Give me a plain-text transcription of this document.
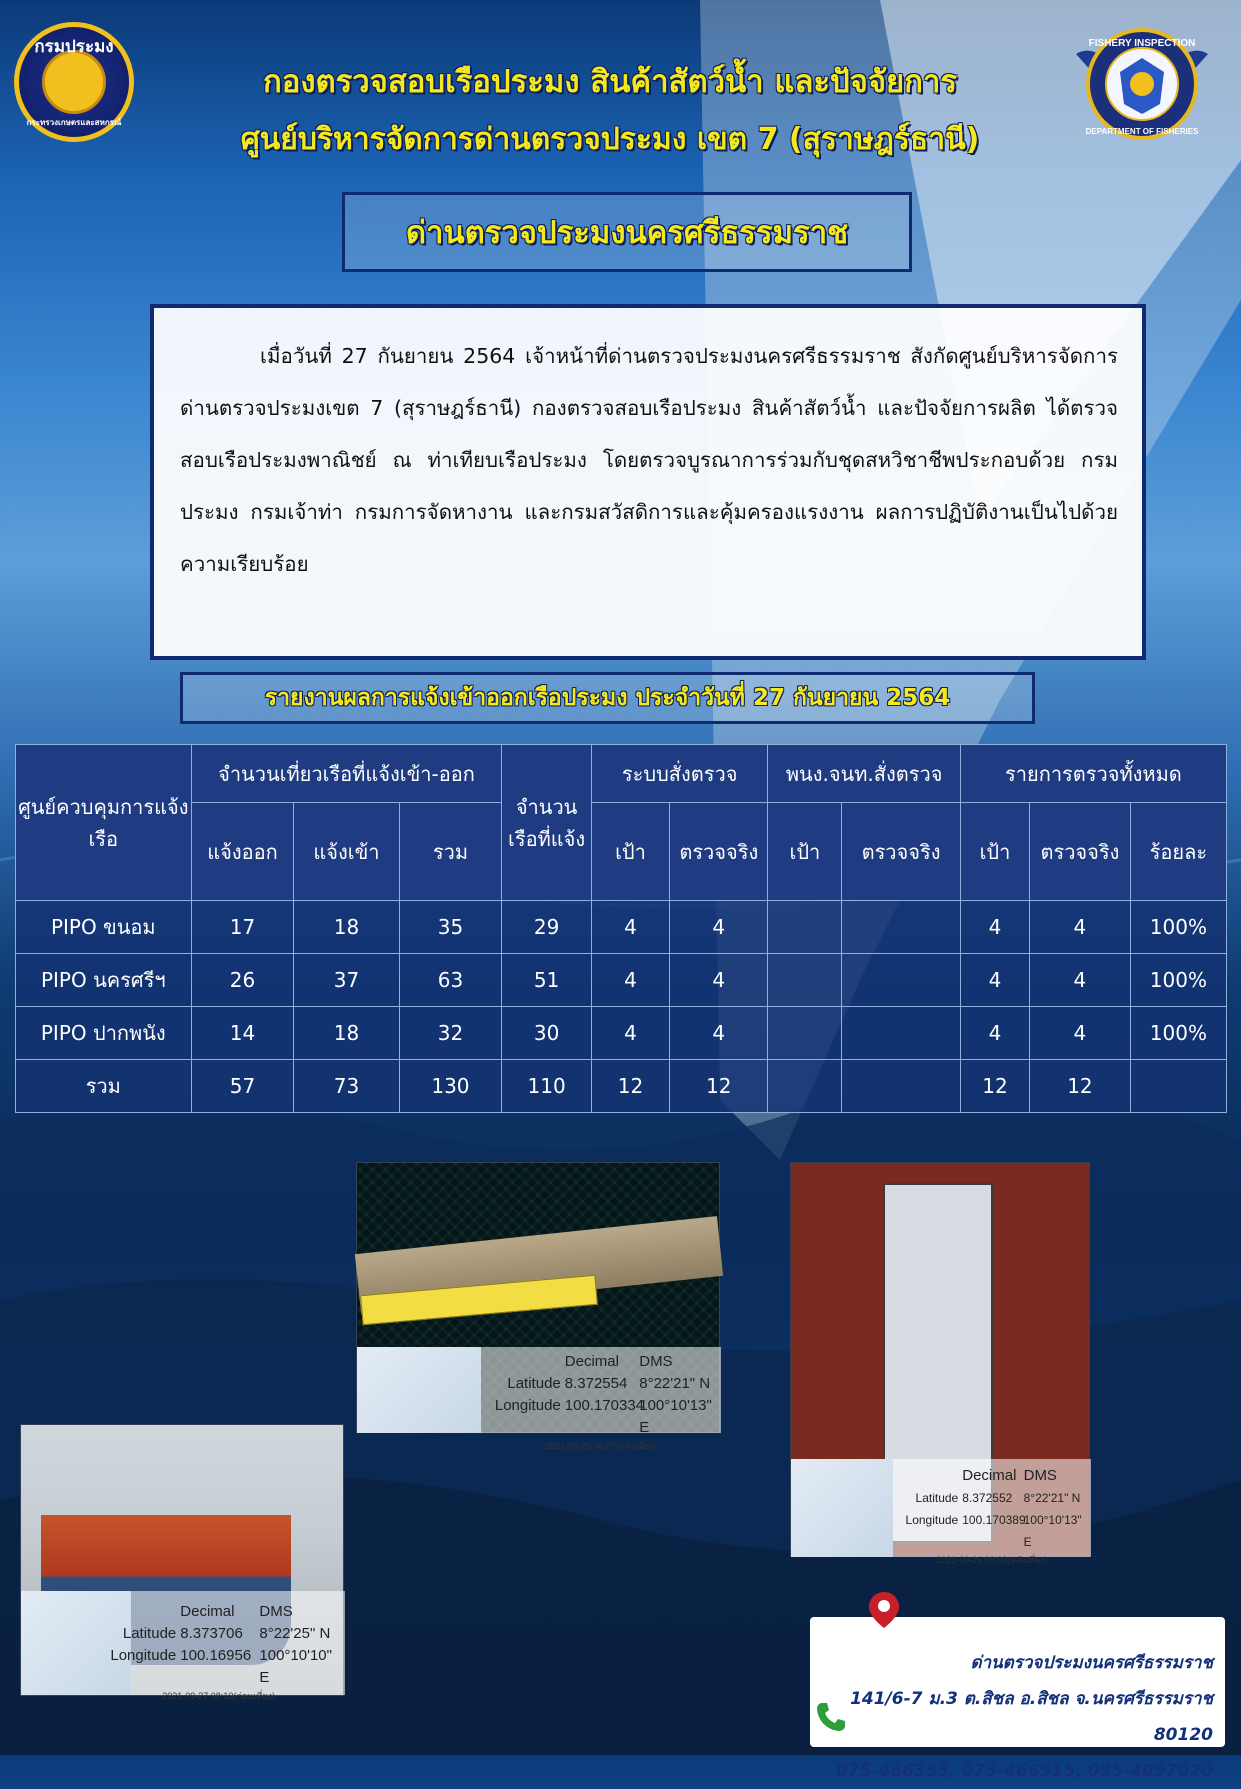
กรมประมง
กระทรวงเกษตรและสหกรณ์
FISHERY INSPECTION
DEPARTMENT OF FISHERIES
กองตรวจสอบเรือประมง สินค้าสัตว์น้ำ และปัจจัยการ
ศูนย์บริหารจัดการด่านตรวจประมง เขต 7 (สุราษฎร์ธานี)
ด่านตรวจประมงนครศรีธรรมราช

เมื่อวันที่ 27 กันยายน 2564 เจ้าหน้าที่ด่านตรวจประมงนครศรีธรรมราช สังกัดศูนย์บริหารจัดการด่านตรวจประมงเขต 7 (สุราษฎร์ธานี) กองตรวจสอบเรือประมง สินค้าสัตว์น้ำ และปัจจัยการผลิต ได้ตรวจสอบเรือประมงพาณิชย์ ณ ท่าเทียบเรือประมง โดยตรวจบูรณาการร่วมกับชุดสหวิชาชีพประกอบด้วย กรมประมง กรมเจ้าท่า กรมการจัดหางาน และกรมสวัสดิการและคุ้มครองแรงงาน ผลการปฏิบัติงานเป็นไปด้วยความเรียบร้อย

รายงานผลการแจ้งเข้าออกเรือประมง ประจำวันที่ 27 กันยายน 2564
ศูนย์ควบคุมการแจ้งเรือ	จำนวนเที่ยวเรือที่แจ้งเข้า-ออก			จำนวนเรือที่แจ้ง	ระบบสั่งตรวจ		พนง.จนท.สั่งตรวจ		รายการตรวจทั้งหมด		
	แจ้งออก	แจ้งเข้า	รวม		เป้า	ตรวจจริง	เป้า	ตรวจจริง	เป้า	ตรวจจริง	ร้อยละ
PIPO ขนอม	17	18	35	29	4	4			4	4	100%
PIPO นครศรีฯ	26	37	63	51	4	4			4	4	100%
PIPO ปากพนัง	14	18	32	30	4	4			4	4	100%
รวม	57	73	130	110	12	12			12	12	
Decimal	DMS
Latitude 8.372554 8°22'21" N
Longitude 100.170334
100°10'13" E
2021-09-26 06:07(หลังเที่ยง)
Decimal DMS
Latitude 8.372552 8°22'21" N
Longitude 100.170389
100°10'13" E
2021-09-26 06:03(หลังเที่ยง)
Decimal	DMS
Latitude 8.373706	8°22'25" N
Longitude 100.16956 100°10'10" E
2021-09-27 08:10(ก่อนเที่ยง)
ด่านตรวจประมงนครศรีธรรมราช
141/6-7 ม.3 ต.สิชล อ.สิชล จ.นครศรีธรรมราช 80120
075-466355, 075-466915, 095-4097020
